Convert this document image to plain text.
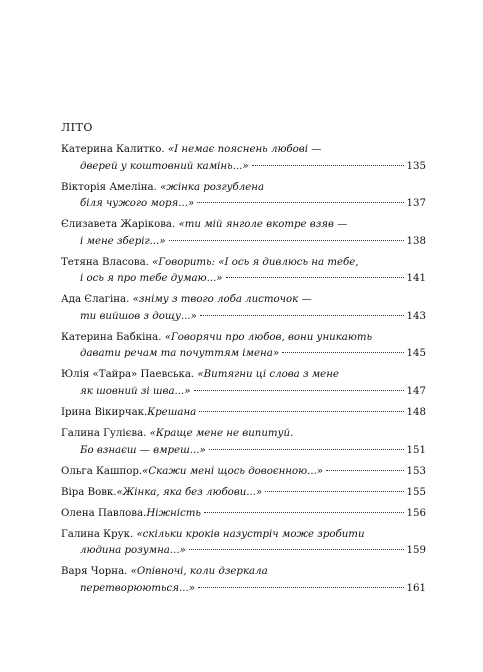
ЛІТО
Катерина Калитко. «І немає пояснень любові —
дверей у коштовний камінь...»	135
Вікторія Амеліна. «жінка розгублена
біля чужого моря...»	137
Єлизавета Жарікова. «ти мій янголе вкотре взяв —
і мене зберіг...»	138
Тетяна Власова. «Говорить: «І ось я дивлюсь на тебе,
і ось я про тебе думаю...»	141
Ада Єлагіна. «зніму з твого лоба листочок —
ти вийшов з дощу...»	143
Катерина Бабкіна. «Говорячи про любов, вони уникають
давати речам та почуттям імена»	145
Юлія «Тайра» Паевська. «Витягни ці слова з мене
як шовний зі шва...»	147
Ірина Вікирчак. Крешана	148
Галина Гулієва. «Краще мене не випитуй.
Бо взнаєш — вмреш...»	151
Ольга Кашпор. «Скажи мені щось довоєнною...»	153
Віра Вовк. «Жінка, яка без любови...»	155
Олена Павлова. Ніжність	156
Галина Крук. «скільки кроків назустріч може зробити
людина розумна...»	159
Варя Чорна. «Опівночі, коли дзеркала
перетворюються...»	161
